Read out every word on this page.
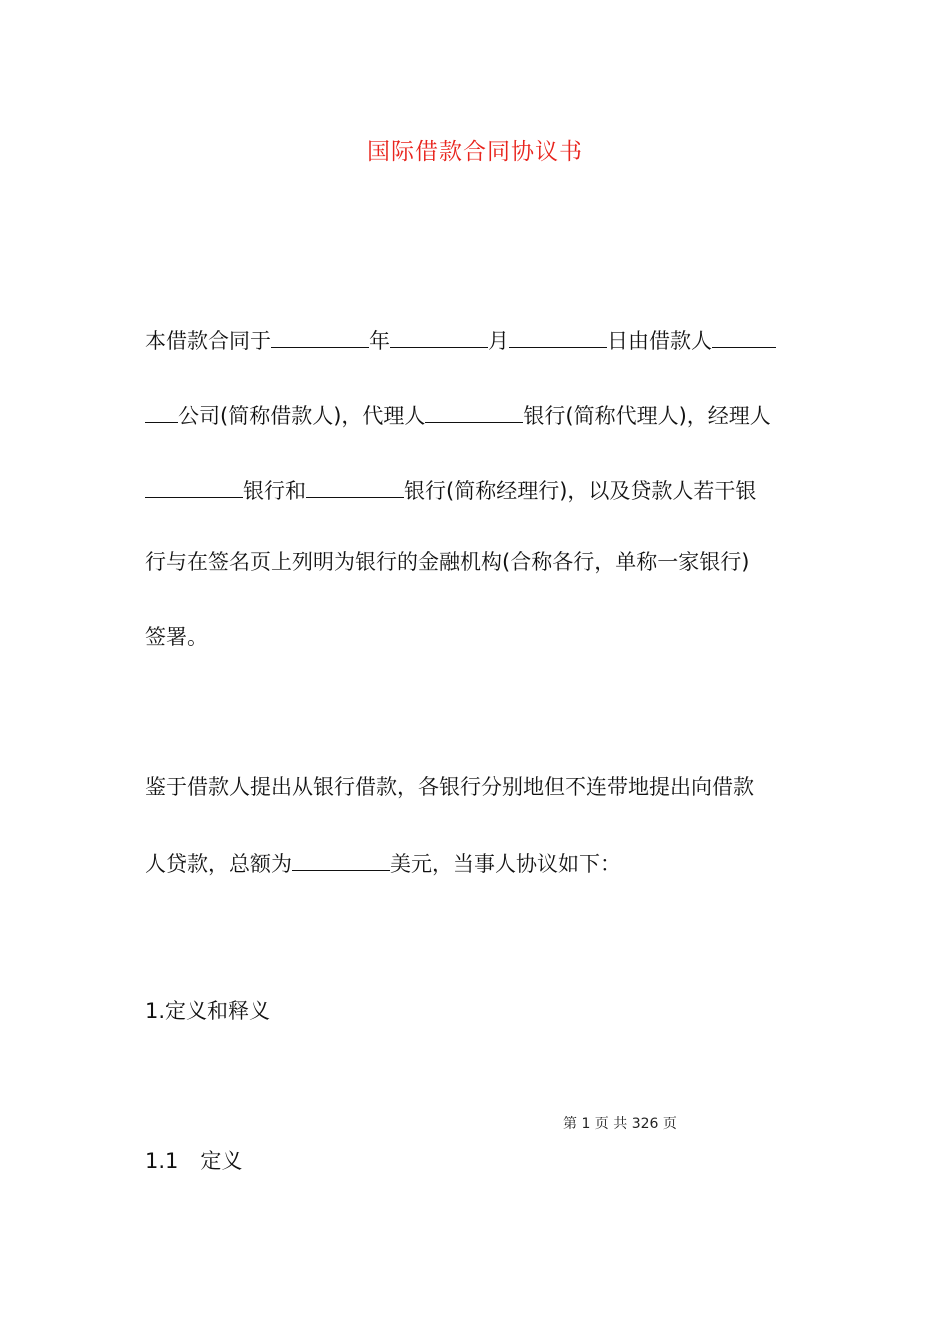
国际借款合同协议书
本借款合同于	年	月	日由借款人
公司(简称借款人)，代理人	银行(简称代理人)，经理人
银行和	银行(简称经理行)，以及贷款人若干银
行与在签名页上列明为银行的金融机构(合称各行，单称一家银行)
签署。
鉴于借款人提出从银行借款，各银行分别地但不连带地提出向借款
人贷款，总额为	美元，当事人协议如下：
1.定义和释义
第 1 页 共 326 页
1.1 定义
